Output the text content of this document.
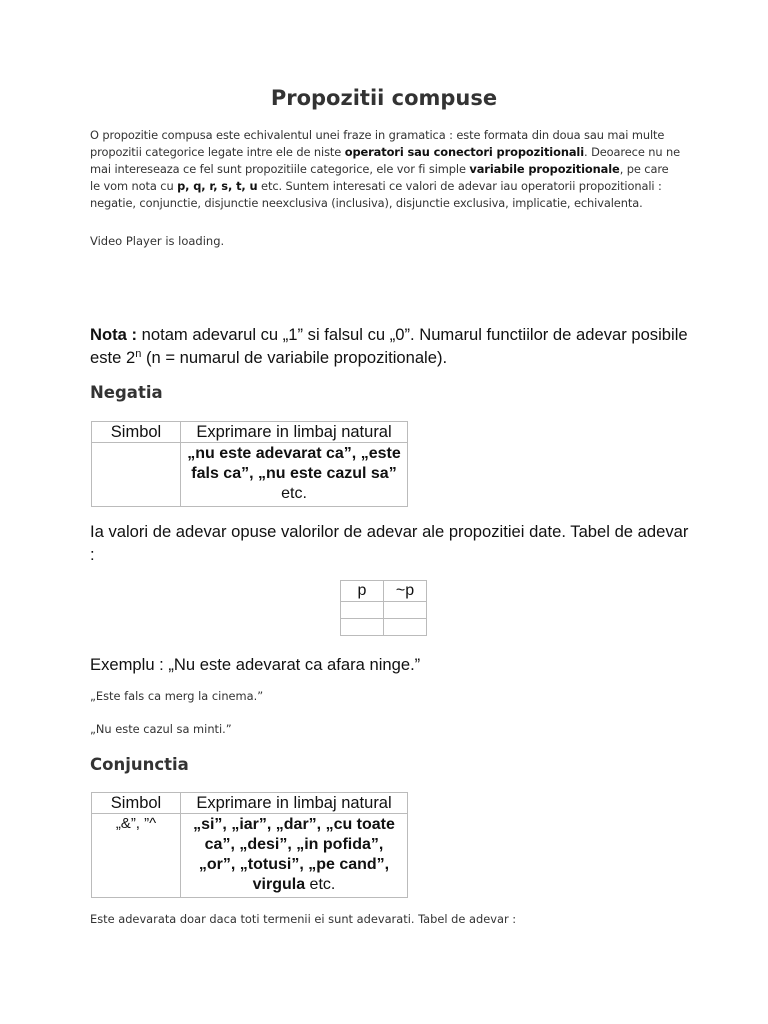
Propozitii compuse
O propozitie compusa este echivalentul unei fraze in gramatica : este formata din doua sau mai multe propozitii categorice legate intre ele de niste operatori sau conectori propozitionali. Deoarece nu ne mai intereseaza ce fel sunt propozitiile categorice, ele vor fi simple variabile propozitionale, pe care le vom nota cu p, q, r, s, t, u etc. Suntem interesati ce valori de adevar iau operatorii propozitionali : negatie, conjunctie, disjunctie neexclusiva (inclusiva), disjunctie exclusiva, implicatie, echivalenta.
Video Player is loading.
Nota : notam adevarul cu „1” si falsul cu „0”. Numarul functiilor de adevar posibile este 2$^n$ (n = numarul de variabile propozitionale).
Negatia
Simbol	Exprimare in limbaj natural
	„nu este adevarat ca”, „este fals ca”, „nu este cazul sa” etc.
Ia valori de adevar opuse valorilor de adevar ale propozitiei date. Tabel de adevar :
p	~p

Exemplu : „Nu este adevarat ca afara ninge.”
„Este fals ca merg la cinema.”
„Nu este cazul sa minti.”
Conjunctia
Simbol	Exprimare in limbaj natural
„&”, ”^	„si”, „iar”, „dar”, „cu toate ca”, „desi”, „in pofida”, „or”, „totusi”, „pe cand”, virgula etc.
Este adevarata doar daca toti termenii ei sunt adevarati. Tabel de adevar :
